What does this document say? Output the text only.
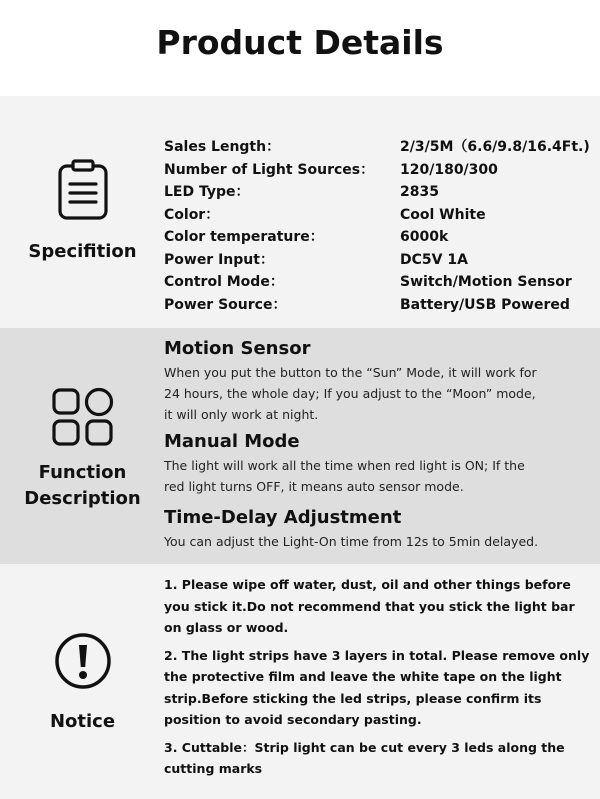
Product Details
Specifition
Sales Length：	2/3/5M（6.6/9.8/16.4Ft.)
Number of Light Sources： 120/180/300
LED Type：	2835
Color：	Cool White
Color temperature：	6000k
Power Input：	DC5V 1A
Control Mode：	Switch/Motion Sensor
Power Source：	Battery/USB Powered
Function
Description
Motion Sensor
When you put the button to the “Sun” Mode, it will work for
24 hours, the whole day; If you adjust to the “Moon” mode,
it will only work at night.
Manual Mode
The light will work all the time when red light is ON; If the
red light turns OFF, it means auto sensor mode.
Time-Delay Adjustment
You can adjust the Light-On time from 12s to 5min delayed.
Notice
1. Please wipe off water, dust, oil and other things before
you stick it.Do not recommend that you stick the light bar
on glass or wood.
2. The light strips have 3 layers in total. Please remove only
the protective film and leave the white tape on the light
strip.Before sticking the led strips, please confirm its
position to avoid secondary pasting.
3. Cuttable：Strip light can be cut every 3 leds along the
cutting marks
